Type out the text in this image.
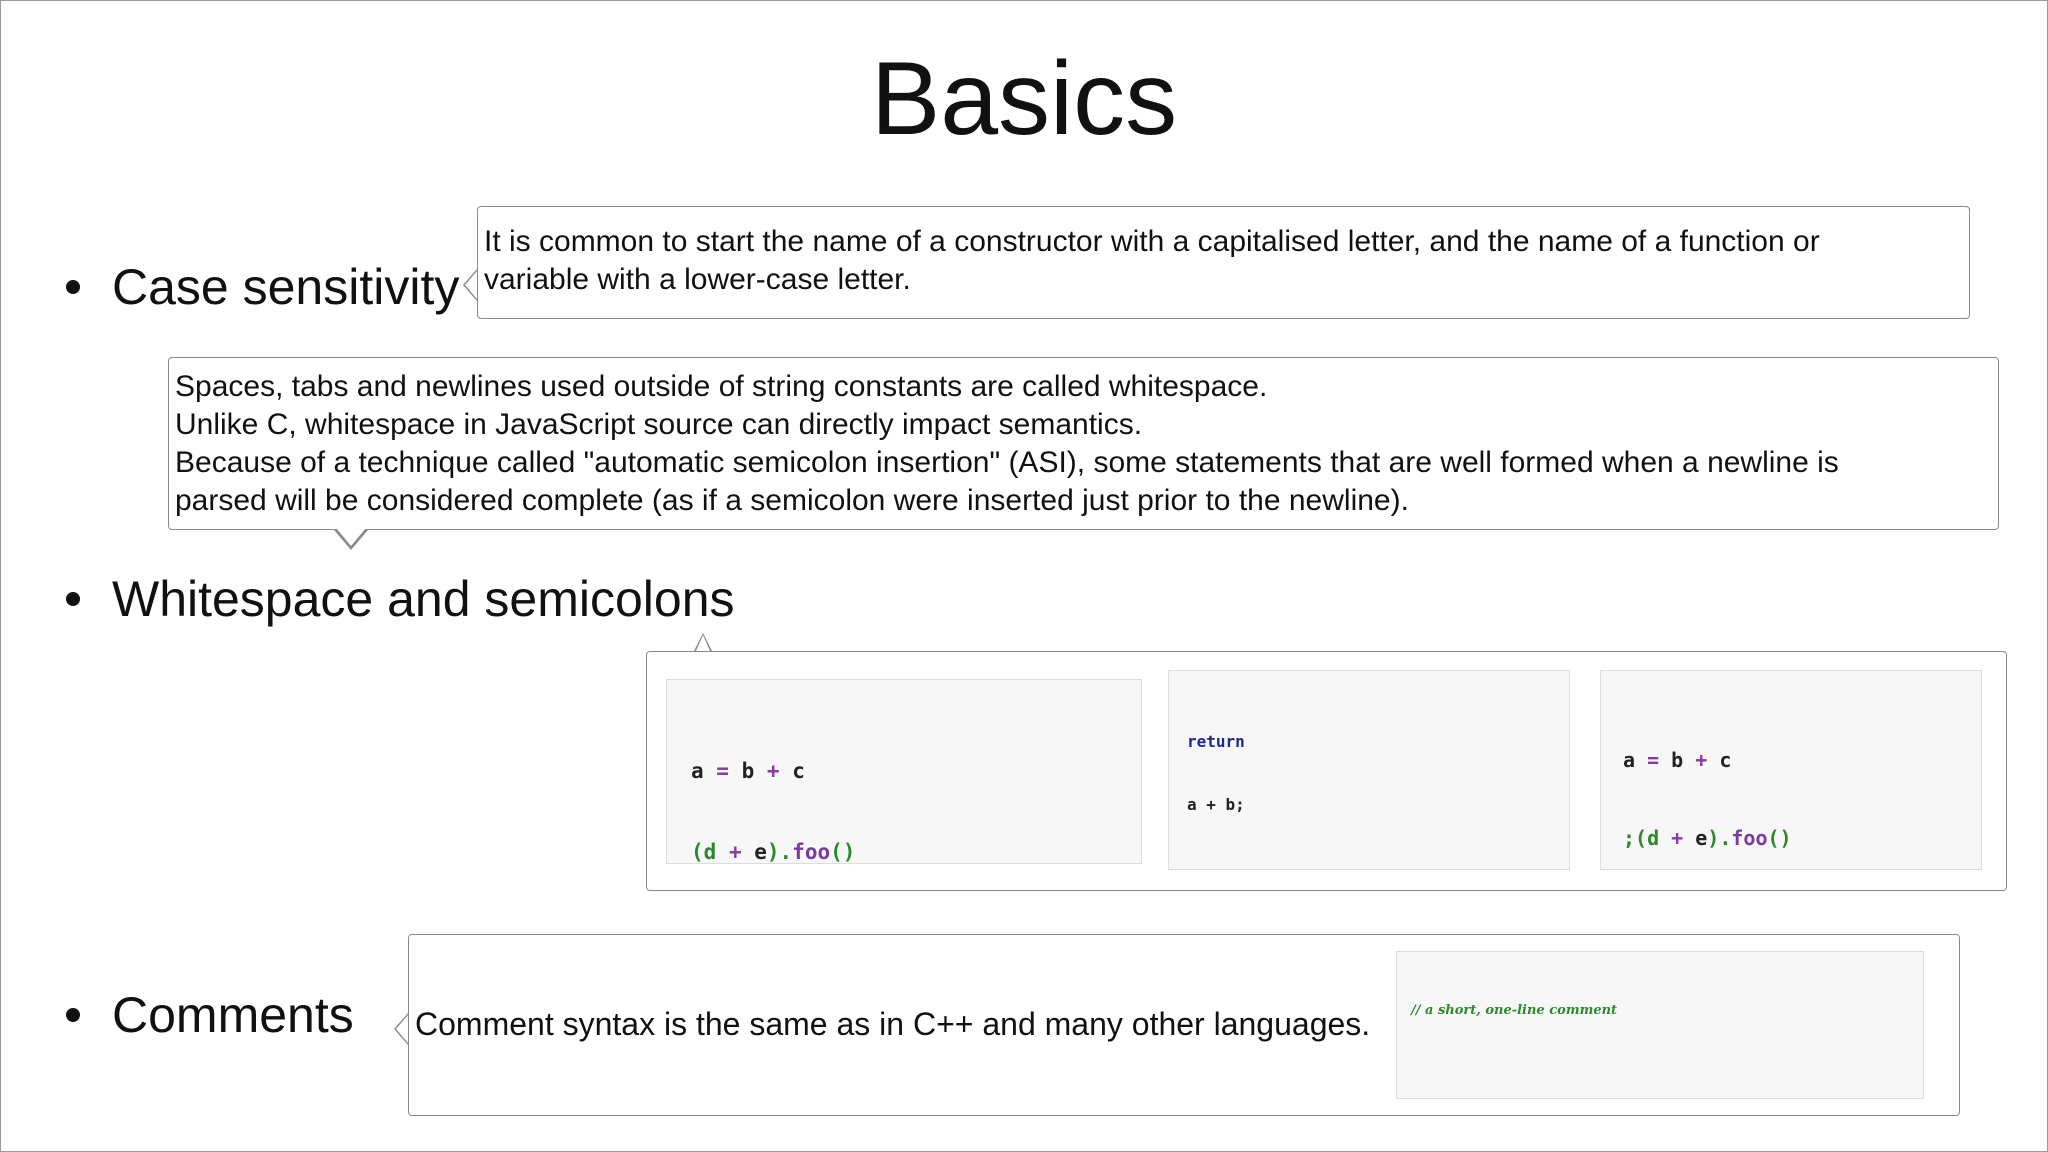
Basics
Case sensitivity
Whitespace and semicolons
Comments
It is common to start the name of a constructor with a capitalised letter, and the name of a function or
variable with a lower-case letter.
Spaces, tabs and newlines used outside of string constants are called whitespace.
Unlike C, whitespace in JavaScript source can directly impact semantics.
Because of a technique called "automatic semicolon insertion" (ASI), some statements that are well formed when a newline is
parsed will be considered complete (as if a semicolon were inserted just prior to the newline).

a = b + c

(d + e).foo()

return

a + b;

a = b + c

;(d + e).foo()

Comment syntax is the same as in C++ and many other languages.

	// a short, one-line comment
